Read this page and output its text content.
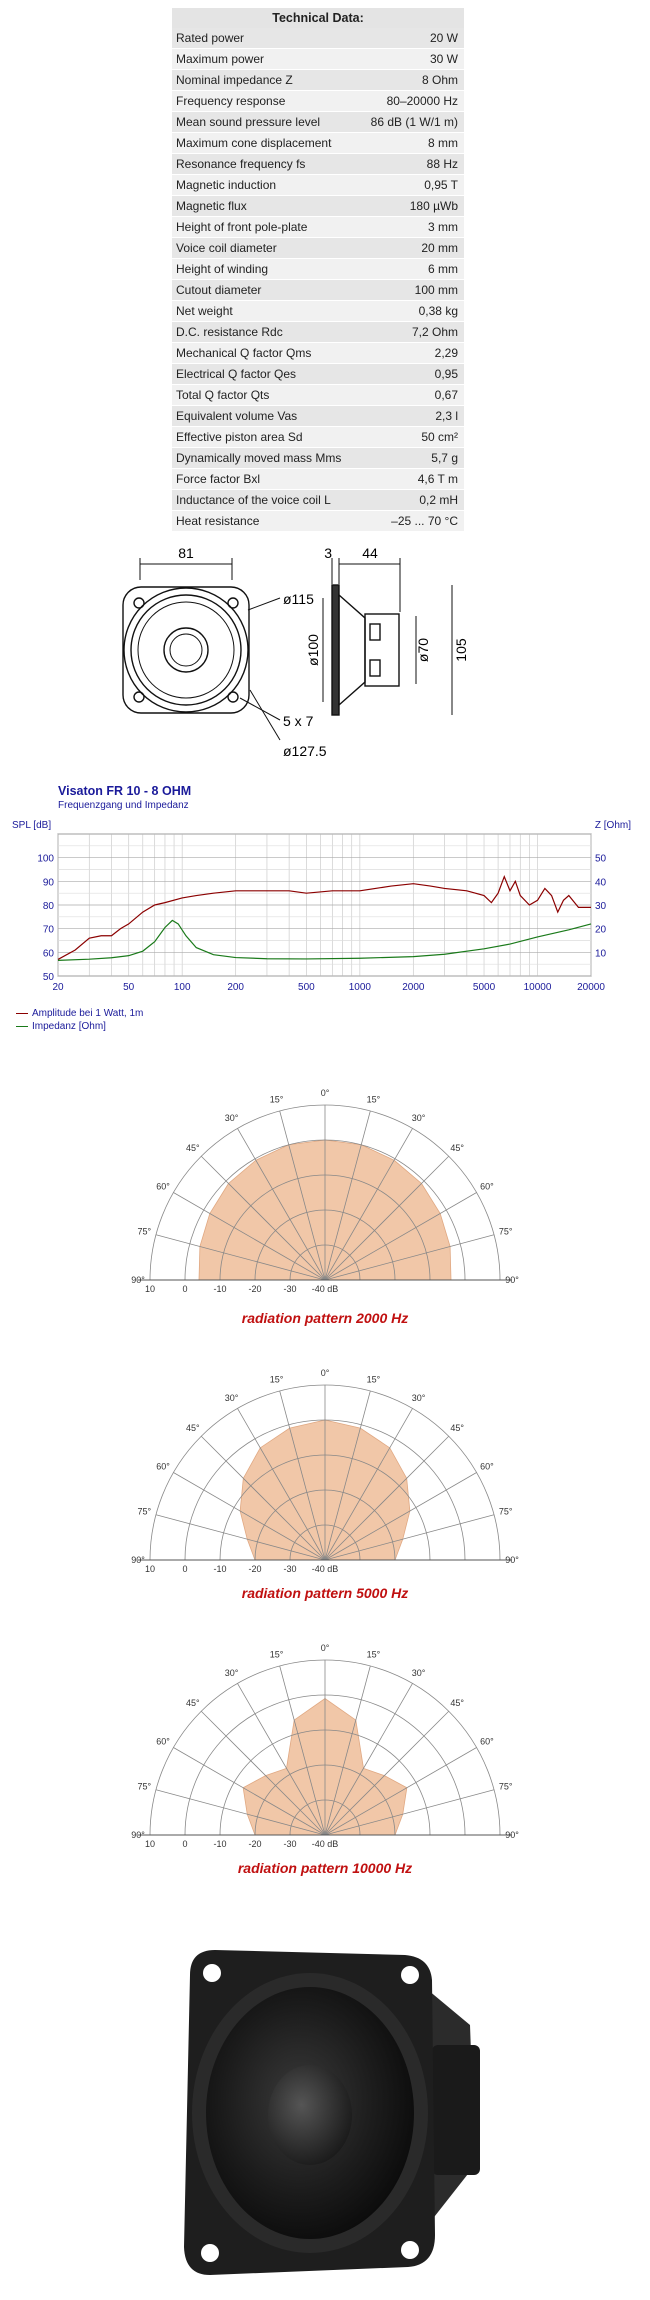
Technical Data:
Rated power	20 W
Maximum power	30 W
Nominal impedance Z	8 Ohm
Frequency response	80–20000 Hz
Mean sound pressure level	86 dB (1 W/1 m)
Maximum cone displacement	8 mm
Resonance frequency fs	88 Hz
Magnetic induction	0,95 T
Magnetic flux	180 µWb
Height of front pole-plate	3 mm
Voice coil diameter	20 mm
Height of winding	6 mm
Cutout diameter	100 mm
Net weight	0,38 kg
D.C. resistance Rdc	7,2 Ohm
Mechanical Q factor Qms	2,29
Electrical Q factor Qes	0,95
Total Q factor Qts	0,67
Equivalent volume Vas	2,3 l
Effective piston area Sd	50 cm²
Dynamically moved mass Mms	5,7 g
Force factor Bxl	4,6 T m
Inductance of the voice coil L	0,2 mH
Heat resistance	–25 ... 70 °C
81
ø115
5 x 7
ø127.5
3 44
ø100	ø70 105
Visaton FR 10 - 8 OHM
Frequenzgang und Impedanz
SPL [dB]	Z [Ohm]
100
90
80
70
60
50
50
40
30
20
10
20	50	100	200	500	1000	2000	5000	10000	20000
Amplitude bei 1 Watt, 1m
Impedanz [Ohm]
0°
15°	15°
30°	30°
45°	45°
60°	60°
75°	75°
90°	90°
10	0	-10 -20 -30 -40 dB
radiation pattern 2000 Hz
0°
15°	15°
30°	30°
45°	45°
60°	60°
75°	75°
90°	90°
10	0	-10 -20 -30 -40 dB
radiation pattern 5000 Hz
0°
15°	15°
30°	30°
45°	45°
60°	60°
75°	75°
90°	90°
10	0	-10 -20 -30 -40 dB
radiation pattern 10000 Hz
